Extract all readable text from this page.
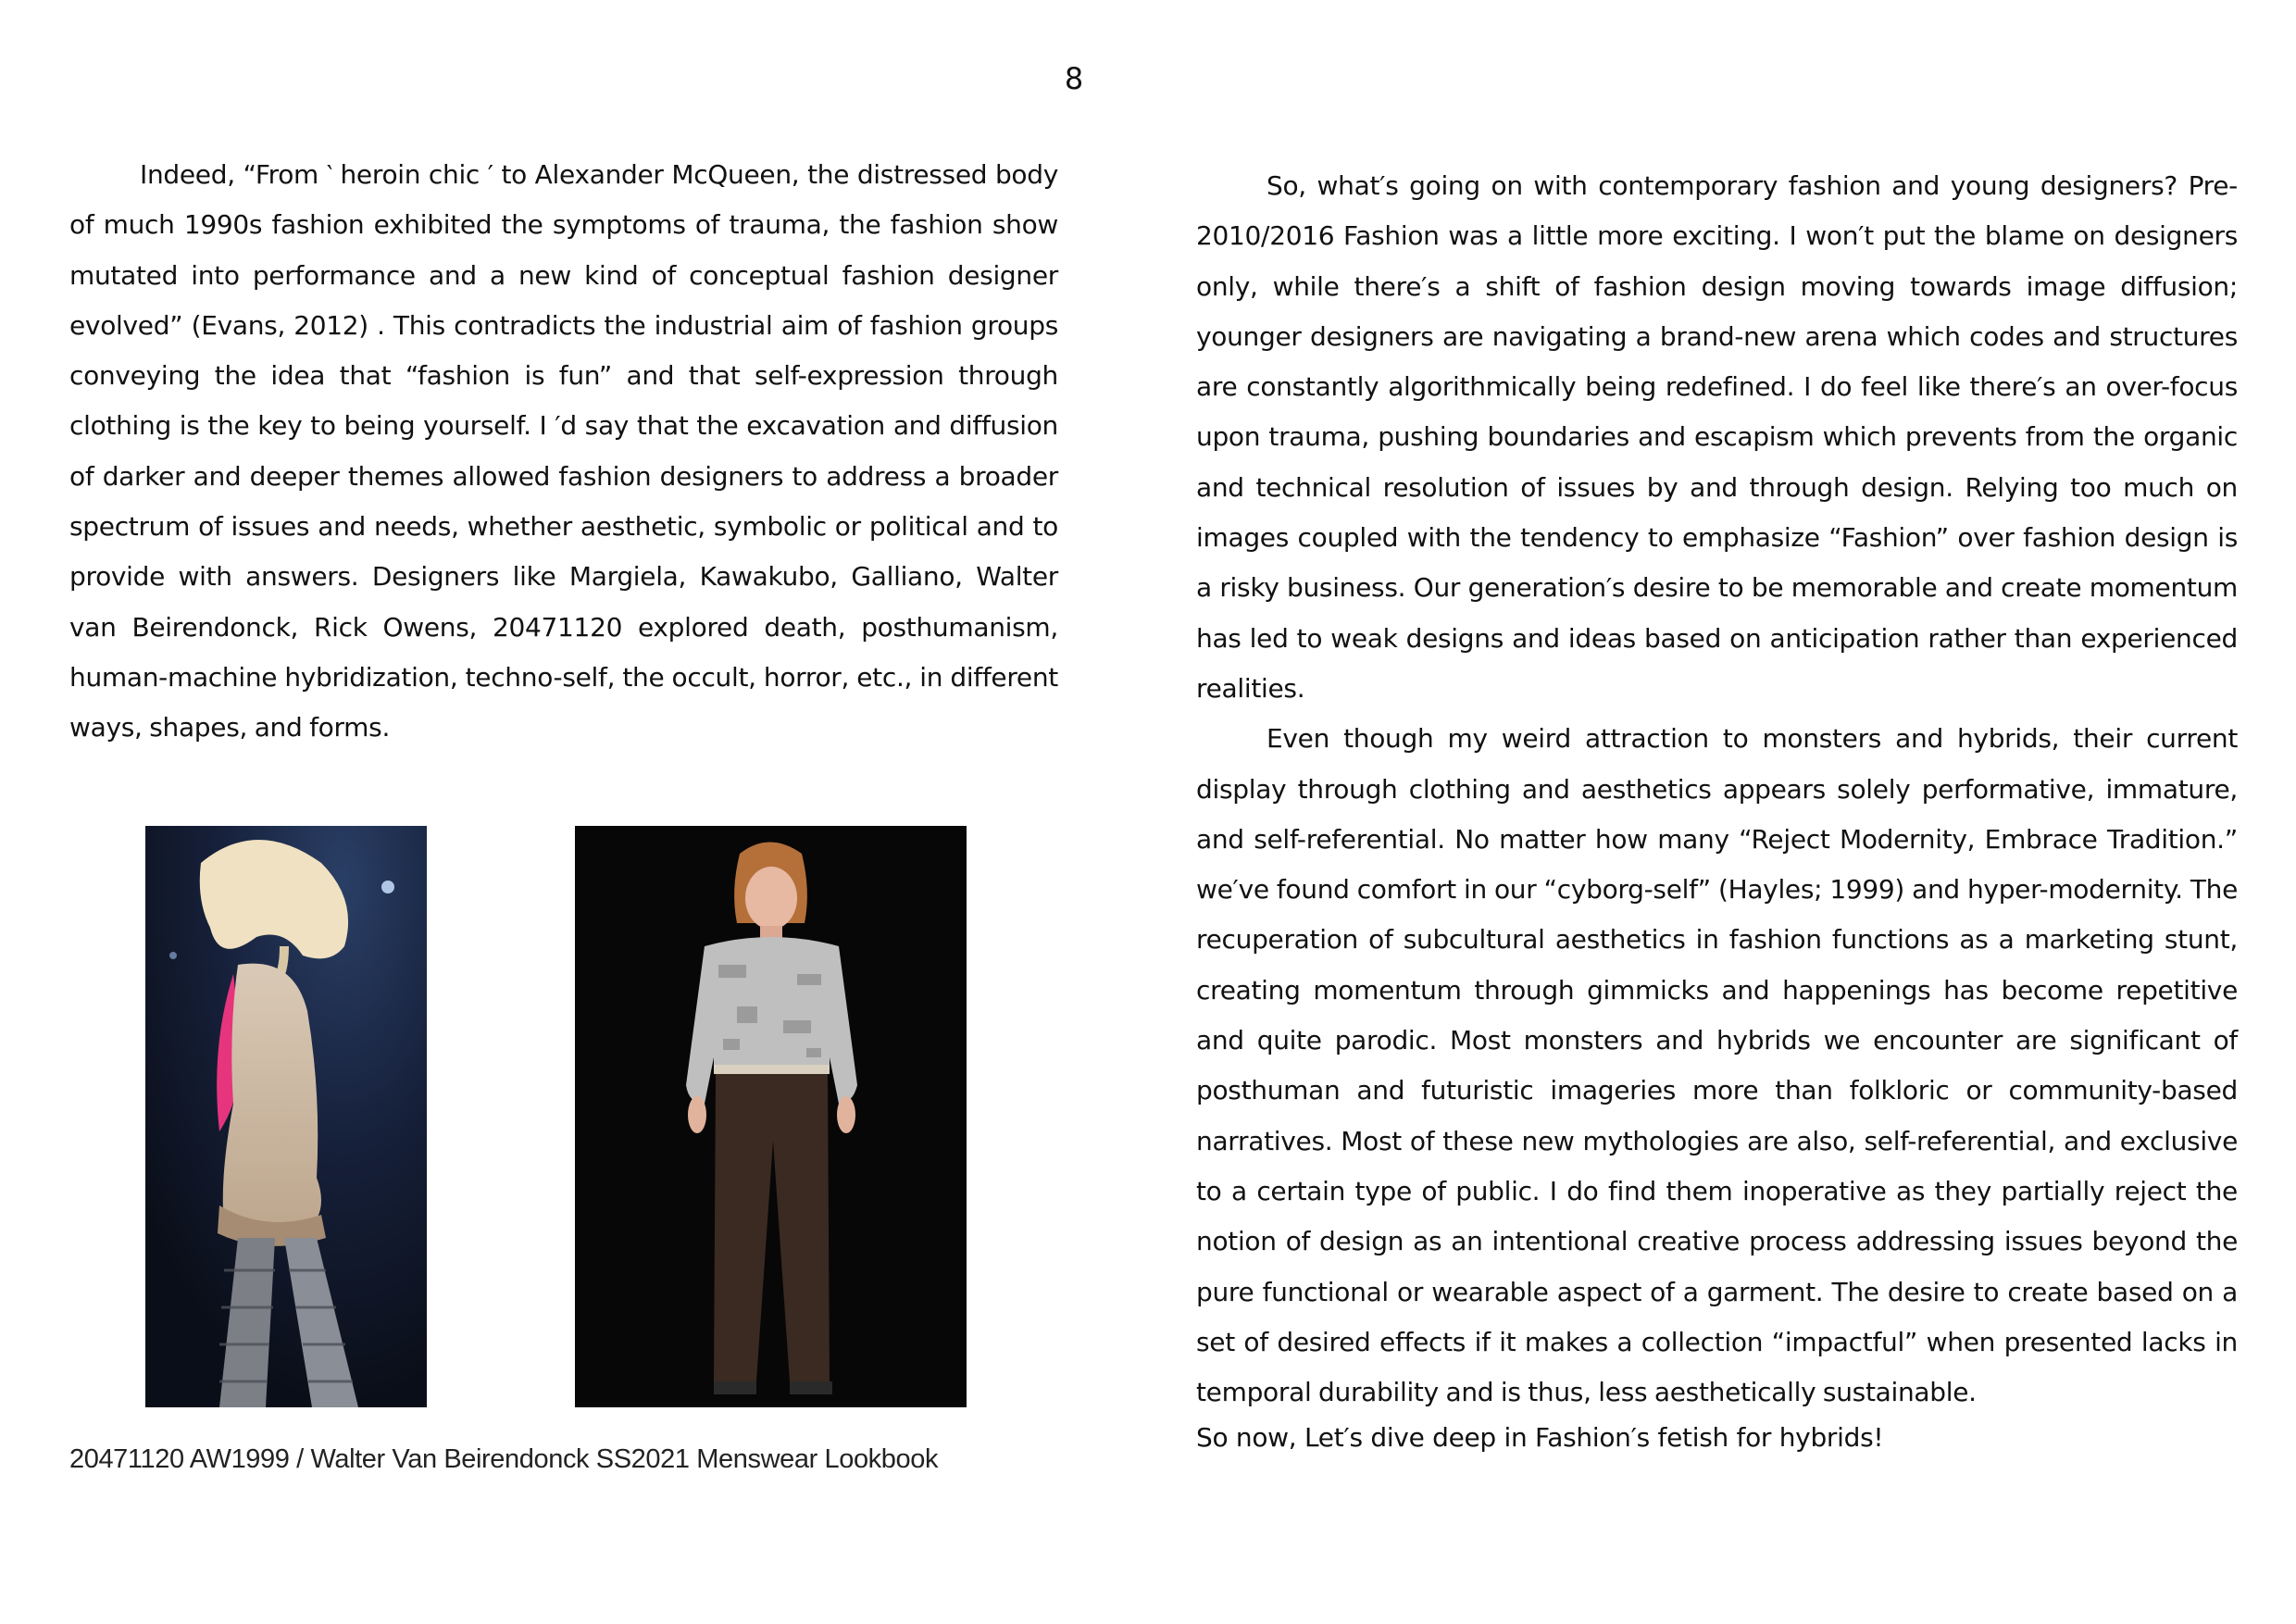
8

Indeed, “From ‵ heroin chic ′ to Alexander McQueen, the distressed body of much 1990s fashion exhibited the symptoms of trauma, the fashion show mutated into performance and a new kind of conceptual fashion designer evolved” (Evans, 2012) . This contradicts the industrial aim of fashion groups conveying the idea that “fashion is fun” and that self-expression through clothing is the key to being yourself. I ′d say that the excavation and diffusion of darker and deeper themes allowed fashion designers to address a broader spectrum of issues and needs, whether aesthetic, symbolic or political and to provide with answers. Designers like Margiela, Kawakubo, Galliano, Walter van Beirendonck, Rick Owens, 20471120 explored death, posthumanism, human-machine hybridization, techno-self, the occult, horror, etc., in different ways, shapes, and forms.

20471120 AW1999 / Walter Van Beirendonck SS2021 Menswear Lookbook

So, what′s going on with contemporary fashion and young designers? Pre-2010/2016 Fashion was a little more exciting. I won′t put the blame on designers only, while there′s a shift of fashion design moving towards image diffusion; younger designers are navigating a brand-new arena which codes and structures are constantly algorithmically being redefined. I do feel like there′s an over-focus upon trauma, pushing boundaries and escapism which prevents from the organic and technical resolution of issues by and through design. Relying too much on images coupled with the tendency to emphasize “Fashion” over fashion design is a risky business. Our generation′s desire to be memorable and create momentum has led to weak designs and ideas based on anticipation rather than experienced realities.

Even though my weird attraction to monsters and hybrids, their current display through clothing and aesthetics appears solely performative, immature, and self-referential. No matter how many “Reject Modernity, Embrace Tradition.” we′ve found comfort in our “cyborg-self” (Hayles; 1999) and hyper-modernity. The recuperation of subcultural aesthetics in fashion functions as a marketing stunt, creating momentum through gimmicks and happenings has become repetitive and quite parodic. Most monsters and hybrids we encounter are significant of posthuman and futuristic imageries more than folkloric or community-based narratives. Most of these new mythologies are also, self-referential, and exclusive to a certain type of public. I do find them inoperative as they partially reject the notion of design as an intentional creative process addressing issues beyond the pure functional or wearable aspect of a garment. The desire to create based on a set of desired effects if it makes a collection “impactful” when presented lacks in temporal durability and is thus, less aesthetically sustainable.

So now, Let′s dive deep in Fashion′s fetish for hybrids!
